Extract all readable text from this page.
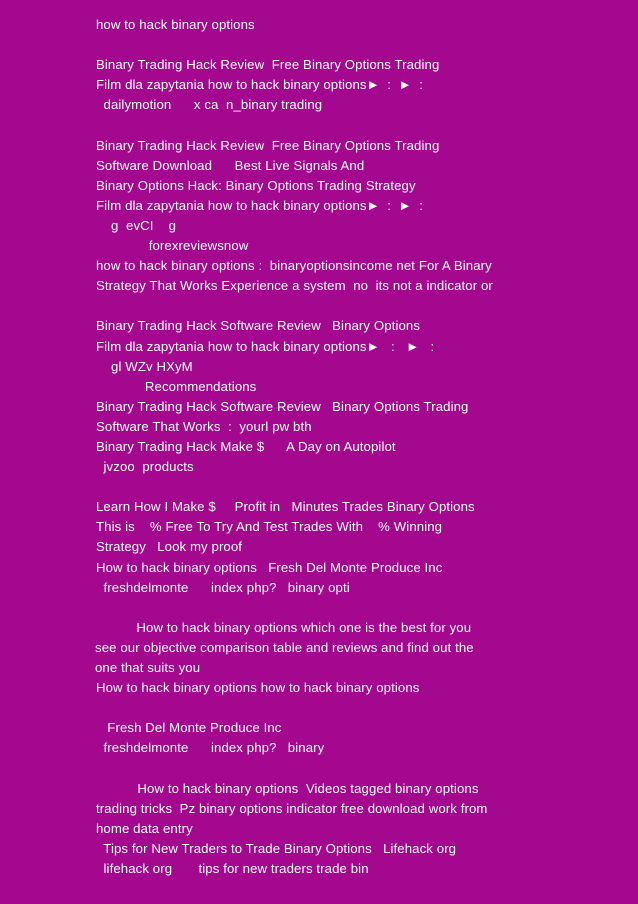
how to hack binary options
Binary Trading Hack Review  Free Binary Options Trading
Film dla zapytania how to hack binary options►  :  ►  :
dailymotion      x ca  n_binary trading
Binary Trading Hack Review  Free Binary Options Trading
Software Download      Best Live Signals And
Binary Options Hack: Binary Options Trading Strategy
Film dla zapytania how to hack binary options►  :  ►  :
g  evCI    g
forexreviewsnow
how to hack binary options :  binaryoptionsincome net For A Binary
Strategy That Works Experience a system  no  its not a indicator or
Binary Trading Hack Software Review   Binary Options
Film dla zapytania how to hack binary options►   :   ►   :
gl WZv HXyM
Recommendations
Binary Trading Hack Software Review   Binary Options Trading
Software That Works  :  yourl pw bth
Binary Trading Hack Make $      A Day on Autopilot
jvzoo  products
Learn How I Make $     Profit in   Minutes Trades Binary Options
This is    % Free To Try And Test Trades With    % Winning
Strategy   Look my proof
How to hack binary options   Fresh Del Monte Produce Inc
freshdelmonte      index php?   binary opti
How to hack binary options which one is the best for you
see our objective comparison table and reviews and find out the
one that suits you
How to hack binary options how to hack binary options
Fresh Del Monte Produce Inc
freshdelmonte      index php?   binary
How to hack binary options  Videos tagged binary options
trading tricks  Pz binary options indicator free download work from
home data entry
Tips for New Traders to Trade Binary Options   Lifehack org
lifehack org       tips for new traders trade bin
